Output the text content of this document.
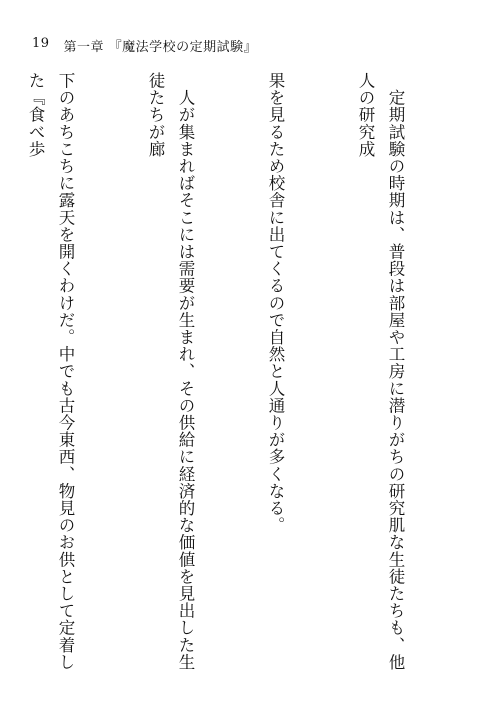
19 第一章 『魔法学校の定期試験』

　定期試験の時期は、普段は部屋や工房に潜りがちの研究肌な生徒たちも、他人の研究成

果を見るため校舎に出てくるので自然と人通りが多くなる。

　人が集まればそこには需要が生まれ、その供給に経済的な価値を見出した生徒たちが廊

下のあちこちに露天を開くわけだ。中でも古今東西、物見のお供として定着した『食べ歩
